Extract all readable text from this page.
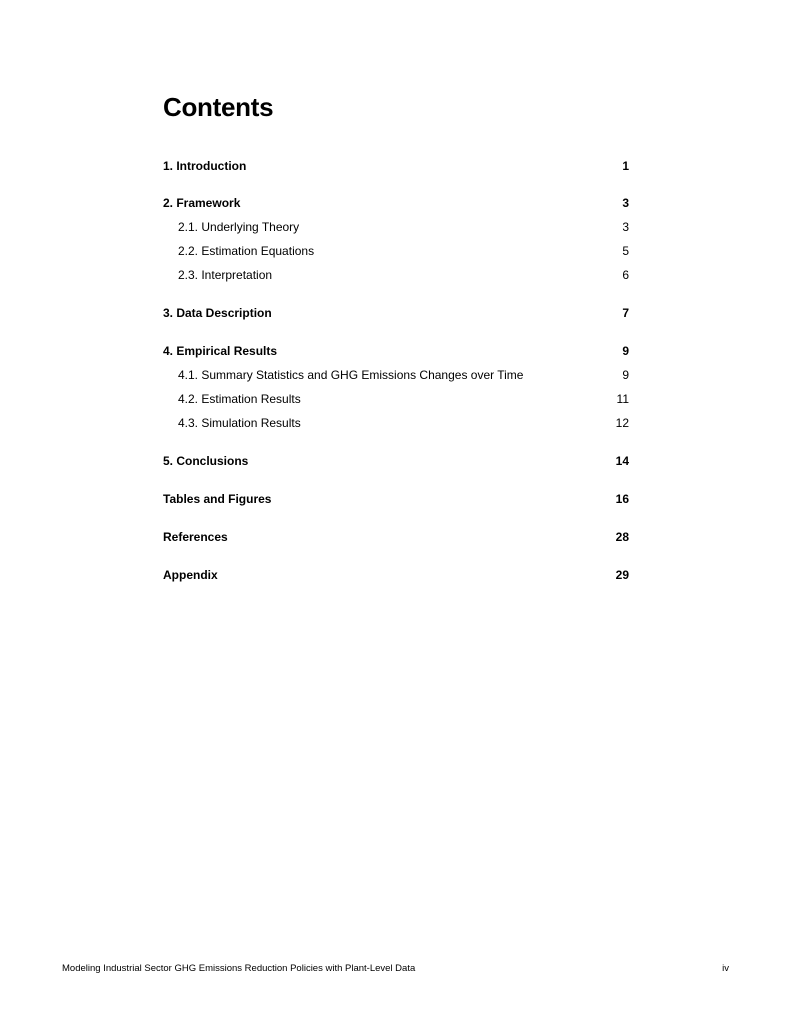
Contents
1. Introduction	1
2. Framework	3
2.1. Underlying Theory	3
2.2. Estimation Equations	5
2.3. Interpretation	6
3. Data Description	7
4. Empirical Results	9
4.1. Summary Statistics and GHG Emissions Changes over Time	9
4.2. Estimation Results	11
4.3. Simulation Results	12
5. Conclusions	14
Tables and Figures	16
References	28
Appendix	29
Modeling Industrial Sector GHG Emissions Reduction Policies with Plant-Level Data	iv
